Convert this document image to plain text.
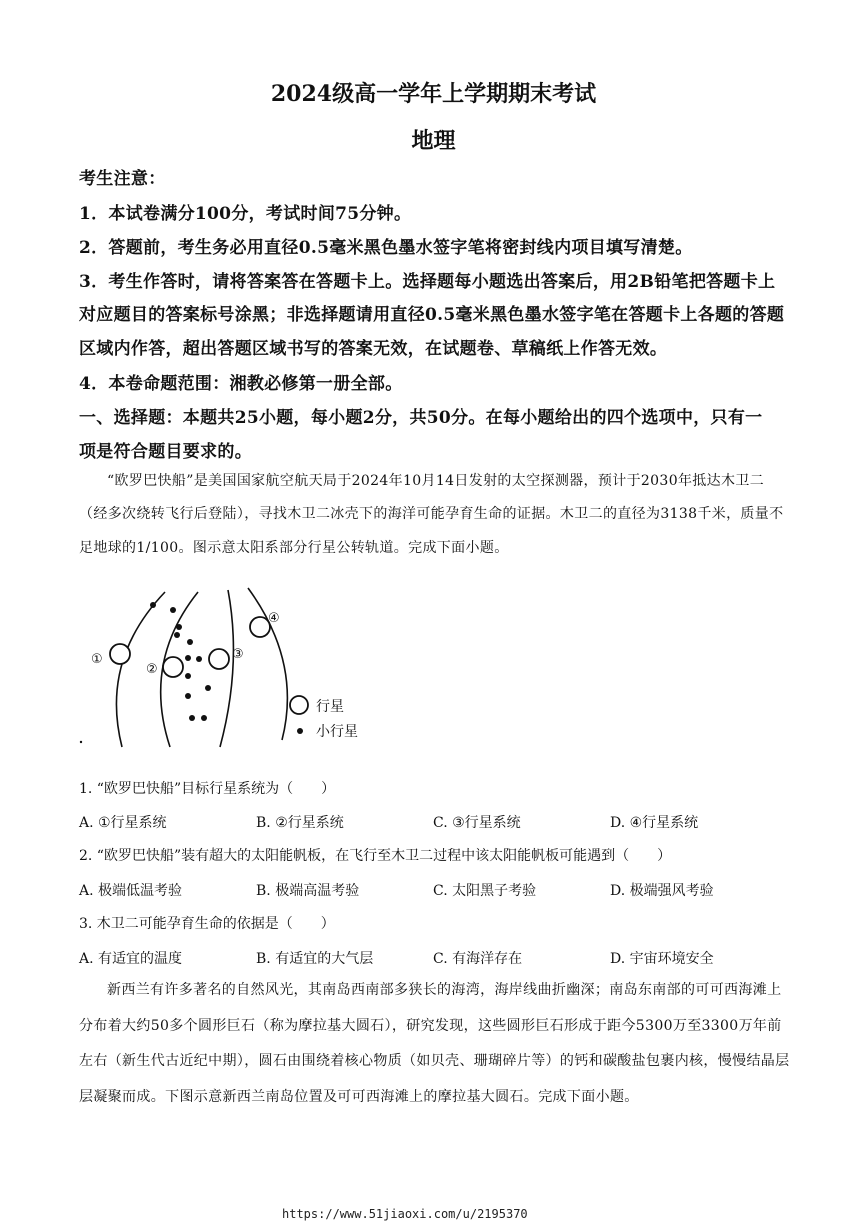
2024级高一学年上学期期末考试
地理
考生注意：
1．本试卷满分100分，考试时间75分钟。
2．答题前，考生务必用直径0.5毫米黑色墨水签字笔将密封线内项目填写清楚。
3．考生作答时，请将答案答在答题卡上。选择题每小题选出答案后，用2B铅笔把答题卡上
对应题目的答案标号涂黑；非选择题请用直径0.5毫米黑色墨水签字笔在答题卡上各题的答题
区域内作答，超出答题区域书写的答案无效，在试题卷、草稿纸上作答无效。
4．本卷命题范围：湘教必修第一册全部。
一、选择题：本题共25小题，每小题2分，共50分。在每小题给出的四个选项中，只有一
项是符合题目要求的。
“欧罗巴快船”是美国国家航空航天局于2024年10月14日发射的太空探测器，预计于2030年抵达木卫二（经多次绕转飞行后登陆），寻找木卫二冰壳下的海洋可能孕育生命的证据。木卫二的直径为3138千米，质量不足地球的1/100。图示意太阳系部分行星公转轨道。完成下面小题。
①
②
③
④
行星
小行星
1. “欧罗巴快船”目标行星系统为（　　）
A. ①行星系统	B. ②行星系统	C. ③行星系统	D. ④行星系统
2. “欧罗巴快船”装有超大的太阳能帆板，在飞行至木卫二过程中该太阳能帆板可能遇到（　　）
A. 极端低温考验	B. 极端高温考验	C. 太阳黑子考验	D. 极端强风考验
3. 木卫二可能孕育生命的依据是（　　）
A. 有适宜的温度	B. 有适宜的大气层	C. 有海洋存在	D. 宇宙环境安全
新西兰有许多著名的自然风光，其南岛西南部多狭长的海湾，海岸线曲折幽深；南岛东南部的可可西海滩上分布着大约50多个圆形巨石（称为摩拉基大圆石），研究发现，这些圆形巨石形成于距今5300万至3300万年前左右（新生代古近纪中期），圆石由围绕着核心物质（如贝壳、珊瑚碎片等）的钙和碳酸盐包裹内核，慢慢结晶层层凝聚而成。下图示意新西兰南岛位置及可可西海滩上的摩拉基大圆石。完成下面小题。
https://www.51jiaoxi.com/u/2195370
